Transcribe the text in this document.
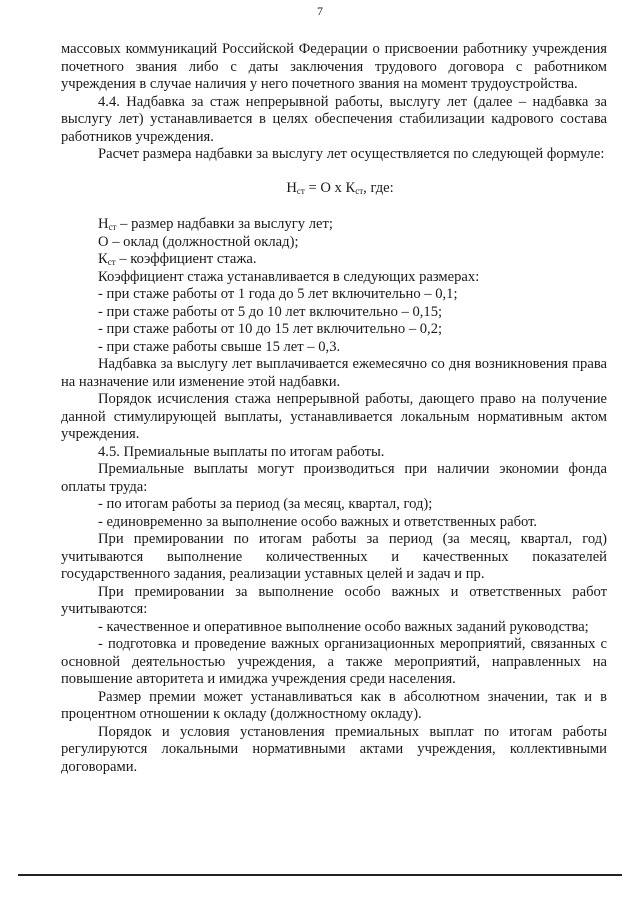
7

массовых коммуникаций Российской Федерации о присвоении работнику учреждения почетного звания либо с даты заключения трудового договора с работником учреждения в случае наличия у него почетного звания на момент трудоустройства.

4.4. Надбавка за стаж непрерывной работы, выслугу лет (далее – надбавка за выслугу лет) устанавливается в целях обеспечения стабилизации кадрового состава работников учреждения.

Расчет размера надбавки за выслугу лет осуществляется по следующей формуле:

$Н_{ст} = О$ х $К_{ст}$, где:

$Н_{ст}$ – размер надбавки за выслугу лет;

О – оклад (должностной оклад);

$К_{ст}$ – коэффициент стажа.

Коэффициент стажа устанавливается в следующих размерах:

- при стаже работы от 1 года до 5 лет включительно – 0,1;

- при стаже работы от 5 до 10 лет включительно – 0,15;

- при стаже работы от 10 до 15 лет включительно – 0,2;

- при стаже работы свыше 15 лет – 0,3.

Надбавка за выслугу лет выплачивается ежемесячно со дня возникновения права на назначение или изменение этой надбавки.

Порядок исчисления стажа непрерывной работы, дающего право на получение данной стимулирующей выплаты, устанавливается локальным нормативным актом учреждения.

4.5. Премиальные выплаты по итогам работы.

Премиальные выплаты могут производиться при наличии экономии фонда оплаты труда:

- по итогам работы за период (за месяц, квартал, год);

- единовременно за выполнение особо важных и ответственных работ.

При премировании по итогам работы за период (за месяц, квартал, год) учитываются выполнение количественных и качественных показателей государственного задания, реализации уставных целей и задач и пр.

При премировании за выполнение особо важных и ответственных работ учитываются:

- качественное и оперативное выполнение особо важных заданий руководства;

- подготовка и проведение важных организационных мероприятий, связанных с основной деятельностью учреждения, а также мероприятий, направленных на повышение авторитета и имиджа учреждения среди населения.

Размер премии может устанавливаться как в абсолютном значении, так и в процентном отношении к окладу (должностному окладу).

Порядок и условия установления премиальных выплат по итогам работы регулируются локальными нормативными актами учреждения, коллективными договорами.
